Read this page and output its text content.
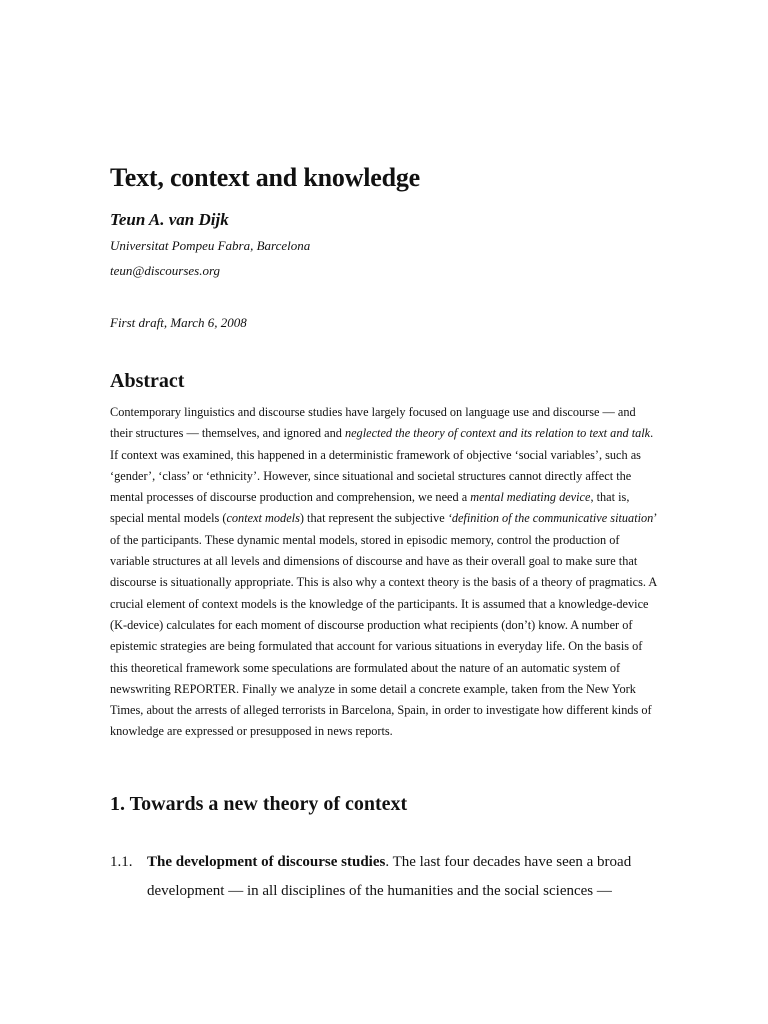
Text, context and knowledge
Teun A. van Dijk
Universitat Pompeu Fabra, Barcelona
teun@discourses.org
First draft, March 6, 2008
Abstract

Contemporary linguistics and discourse studies have largely focused on language use and discourse — and their structures — themselves, and ignored and neglected the theory of context and its relation to text and talk. If context was examined, this happened in a deterministic framework of objective ‘social variables’, such as ‘gender’, ‘class’ or ‘ethnicity’. However, since situational and societal structures cannot directly affect the mental processes of discourse production and comprehension, we need a mental mediating device, that is, special mental models (context models) that represent the subjective ‘definition of the communicative situation’ of the participants. These dynamic mental models, stored in episodic memory, control the production of variable structures at all levels and dimensions of discourse and have as their overall goal to make sure that discourse is situationally appropriate. This is also why a context theory is the basis of a theory of pragmatics. A crucial element of context models is the knowledge of the participants. It is assumed that a knowledge-device (K-device) calculates for each moment of discourse production what recipients (don’t) know. A number of epistemic strategies are being formulated that account for various situations in everyday life. On the basis of this theoretical framework some speculations are formulated about the nature of an automatic system of newswriting REPORTER. Finally we analyze in some detail a concrete example, taken from the New York Times, about the arrests of alleged terrorists in Barcelona, Spain, in order to investigate how different kinds of knowledge are expressed or presupposed in news reports.

1. Towards a new theory of context
1.1. The development of discourse studies. The last four decades have seen a broad
development — in all disciplines of the humanities and the social sciences —
